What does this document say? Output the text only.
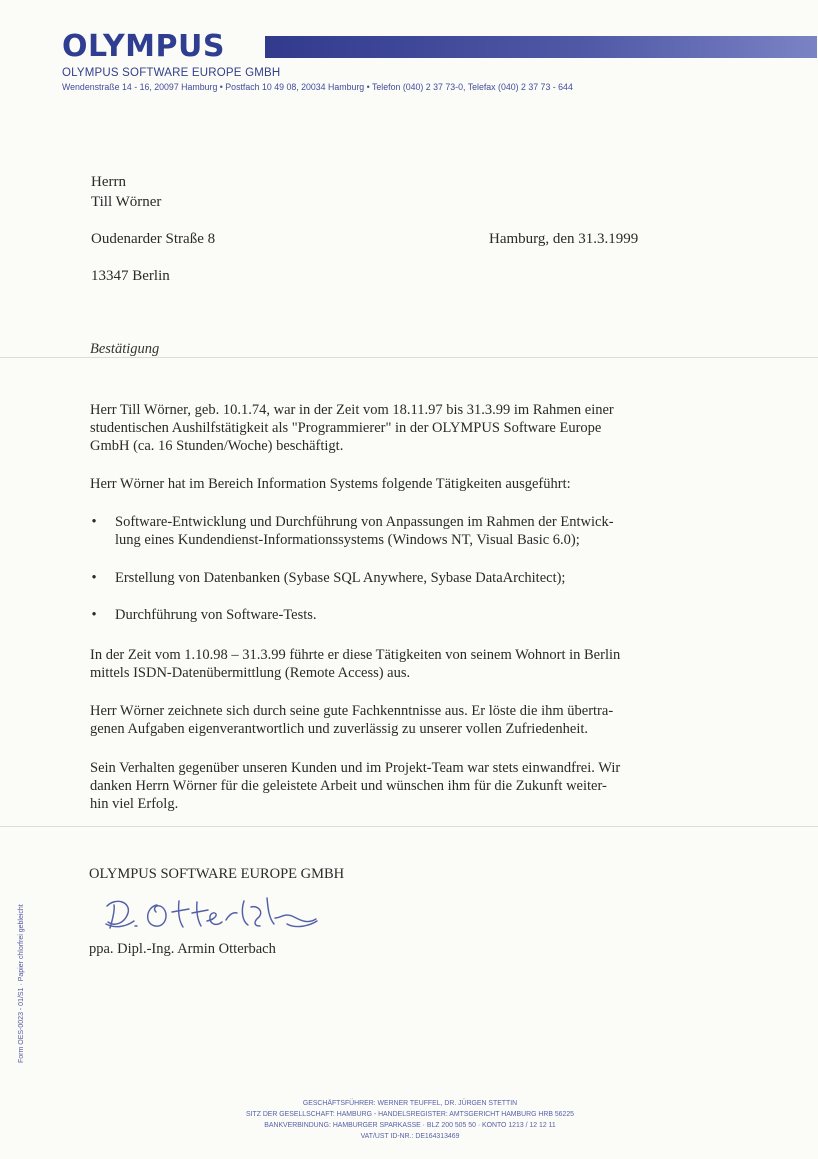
OLYMPUS
OLYMPUS SOFTWARE EUROPE GMBH
Wendenstraße 14 - 16, 20097 Hamburg • Postfach 10 49 08, 20034 Hamburg • Telefon (040) 2 37 73-0, Telefax (040) 2 37 73 - 644
Herrn
Till Wörner
Oudenarder Straße 8
13347 Berlin
Hamburg, den 31.3.1999
Bestätigung

Herr Till Wörner, geb. 10.1.74, war in der Zeit vom 18.11.97 bis 31.3.99 im Rahmen einer
studentischen Aushilfstätigkeit als "Programmierer" in der OLYMPUS Software Europe
GmbH (ca. 16 Stunden/Woche) beschäftigt.

Herr Wörner hat im Bereich Information Systems folgende Tätigkeiten ausgeführt:

• Software-Entwicklung und Durchführung von Anpassungen im Rahmen der Entwick-
lung eines Kundendienst-Informationssystems (Windows NT, Visual Basic 6.0);
• Erstellung von Datenbanken (Sybase SQL Anywhere, Sybase DataArchitect);
• Durchführung von Software-Tests.

In der Zeit vom 1.10.98 – 31.3.99 führte er diese Tätigkeiten von seinem Wohnort in Berlin
mittels ISDN-Datenübermittlung (Remote Access) aus.

Herr Wörner zeichnete sich durch seine gute Fachkenntnisse aus. Er löste die ihm übertra-
genen Aufgaben eigenverantwortlich und zuverlässig zu unserer vollen Zufriedenheit.

Sein Verhalten gegenüber unseren Kunden und im Projekt-Team war stets einwandfrei. Wir
danken Herrn Wörner für die geleistete Arbeit und wünschen ihm für die Zukunft weiter-
hin viel Erfolg.

OLYMPUS SOFTWARE EUROPE GMBH
ppa. Dipl.-Ing. Armin Otterbach
Form OES-0023 - 01/S1 · Papier chlorfrei gebleicht
GESCHÄFTSFÜHRER: WERNER TEUFFEL, DR. JÜRGEN STETTIN
SITZ DER GESELLSCHAFT: HAMBURG - HANDELSREGISTER: AMTSGERICHT HAMBURG HRB 56225
BANKVERBINDUNG: HAMBURGER SPARKASSE · BLZ 200 505 50 · KONTO 1213 / 12 12 11
VAT/UST ID-NR.: DE164313469
